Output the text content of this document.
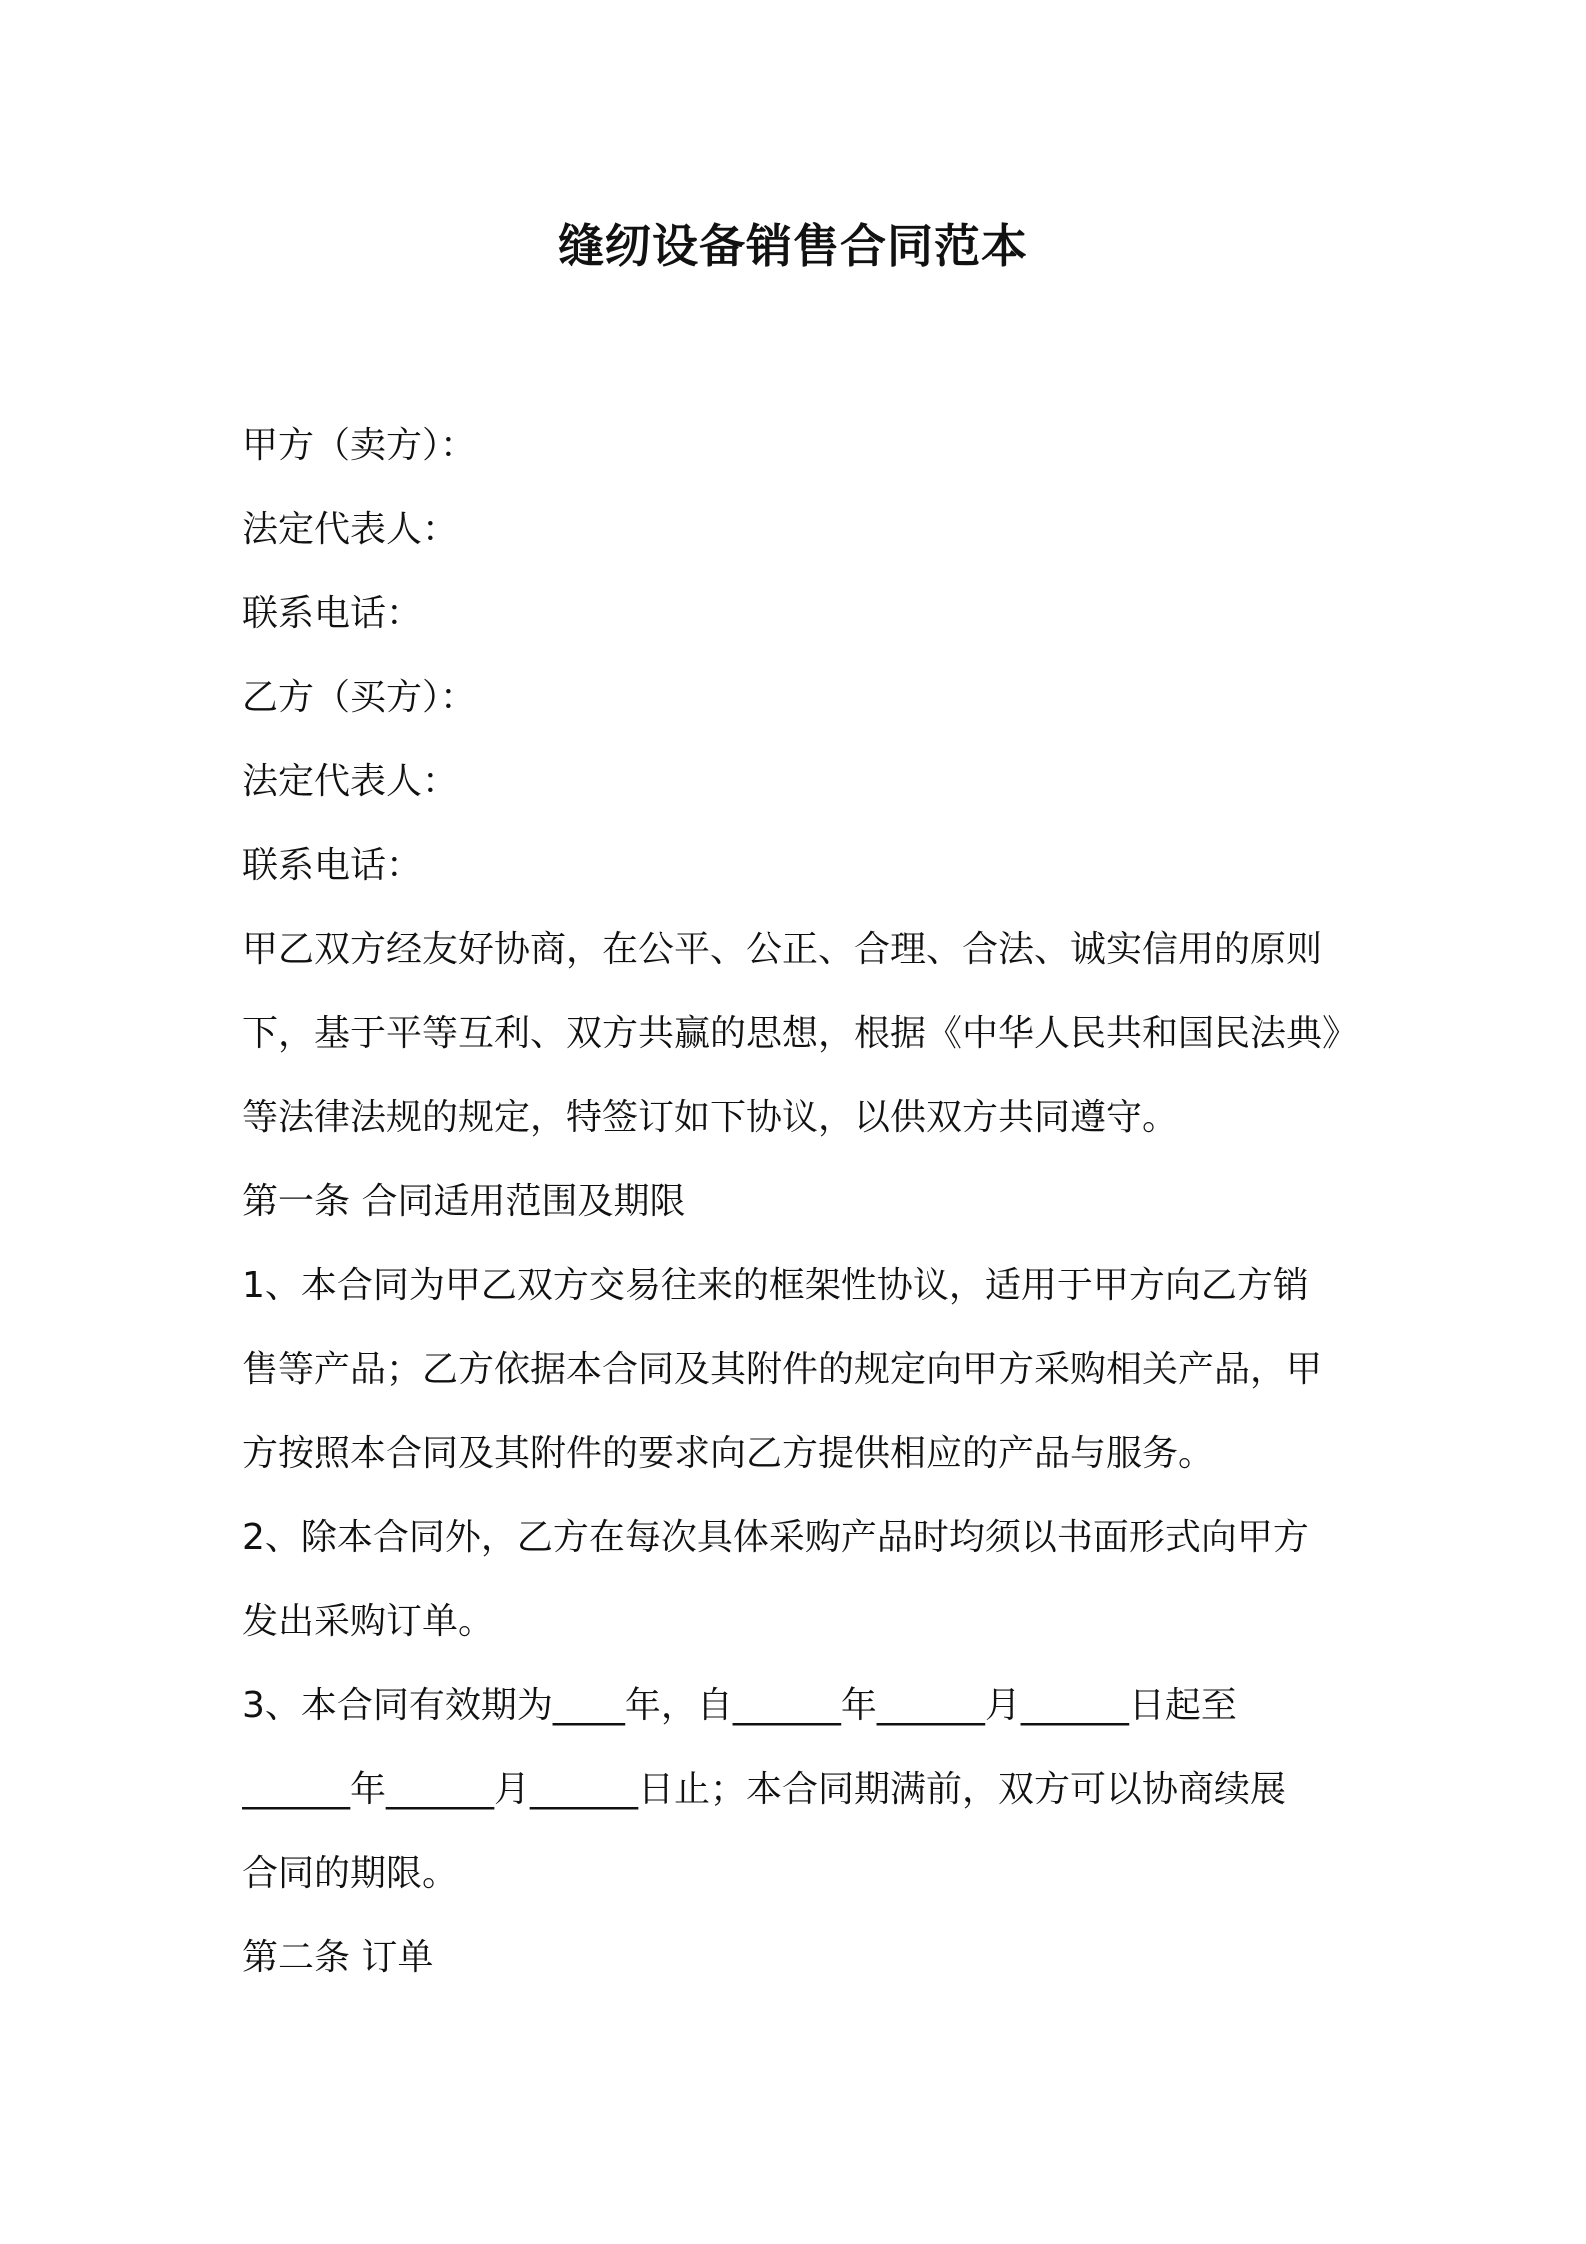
缝纫设备销售合同范本
甲方（卖方）：
法定代表人：
联系电话：
乙方（买方）：
法定代表人：
联系电话：
甲乙双方经友好协商，在公平、公正、合理、合法、诚实信用的原则
下，基于平等互利、双方共赢的思想，根据《中华人民共和国民法典》
等法律法规的规定，特签订如下协议，以供双方共同遵守。
第一条 合同适用范围及期限
1、本合同为甲乙双方交易往来的框架性协议，适用于甲方向乙方销
售等产品；乙方依据本合同及其附件的规定向甲方采购相关产品，甲
方按照本合同及其附件的要求向乙方提供相应的产品与服务。
2、除本合同外，乙方在每次具体采购产品时均须以书面形式向甲方
发出采购订单。
3、本合同有效期为____年，自______年______月______日起至
______年______月______日止；本合同期满前，双方可以协商续展
合同的期限。
第二条 订单
